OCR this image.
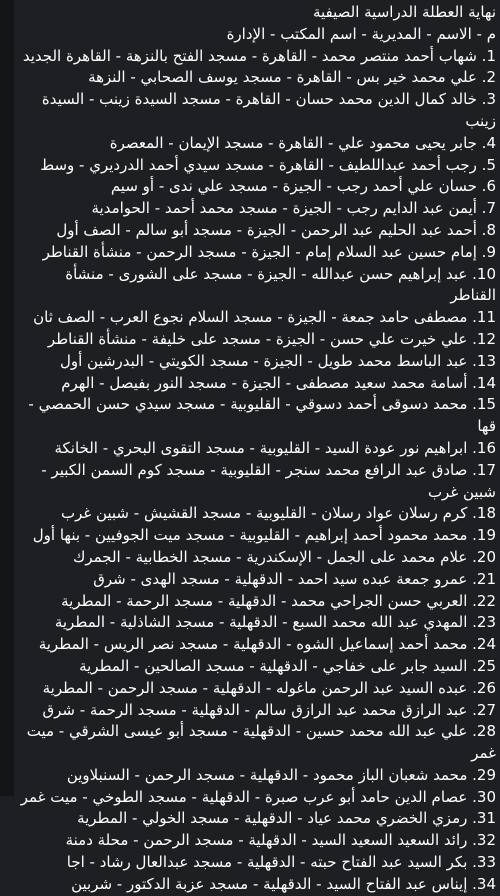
نهاية العطلة الدراسية الصيفية
م - الاسم - المديرية - اسم المكتب - الإدارة
1. شهاب أحمد منتصر محمد - القاهرة - مسجد الفتح بالنزهة - القاهرة الجديد
2. علي محمد خير بس - القاهرة - مسجد يوسف الصحابي - النزهة
3. خالد كمال الدين محمد حسان - القاهرة - مسجد السيدة زينب - السيدة زينب
4. جابر يحيى محمود علي - القاهرة - مسجد الإيمان - المعصرة
5. رجب أحمد عبداللطيف - القاهرة - مسجد سيدي أحمد الدرديري - وسط
6. حسان علي أحمد رجب - الجيزة - مسجد علي ندى - أو سيم
7. أيمن عبد الدايم رجب - الجيزة - مسجد محمد أحمد - الحوامدية
8. أحمد عبد الحليم عبد الرحمن - الجيزة - مسجد أبو سالم - الصف أول
9. إمام حسين عبد السلام إمام - الجيزة - مسجد الرحمن - منشأة القناطر
10. عبد إبراهيم حسن عبدالله - الجيزة - مسجد على الشورى - منشأة القناطر
11. مصطفى حامد جمعة - الجيزة - مسجد السلام نجوع العرب - الصف ثان
12. علي خيرت علي حسن - الجيزة - مسجد على خليفة - منشأة القناطر
13. عبد الباسط محمد طويل - الجيزة - مسجد الكويتي - البدرشين أول
14. أسامة محمد سعيد مصطفى - الجيزة - مسجد النور بفيصل - الهرم
15. محمد دسوقى أحمد دسوقي - القليوبية - مسجد سيدي حسن الحمصي - قها
16. ابراهيم نور عودة السيد - القليوبية - مسجد التقوى البحري - الخانكة
17. صادق عبد الرافع محمد سنجر - القليوبية - مسجد كوم السمن الكبير - شبين غرب
18. كرم رسلان عواد رسلان - القليوبية - مسجد القشيش - شبين غرب
19. محمد محمود أحمد إبراهيم - القليوبية - مسجد ميت الجوفيين - بنها أول
20. علام محمد على الجمل - الإسكندرية - مسجد الخطابية - الجمرك
21. عمرو جمعة عبده سيد احمد - الدقهلية - مسجد الهدى - شرق
22. العربي حسن الجراحي محمد - الدقهلية - مسجد الرحمة - المطرية
23. المهدي عبد الله محمد السبع - الدقهلية - مسجد الشاذلية - المطرية
24. محمد أحمد إسماعيل الشوه - الدقهلية - مسجد نصر الريس - المطرية
25. السيد جابر على خفاجي - الدقهلية - مسجد الصالحين - المطرية
26. عبده السيد عبد الرحمن ماغوله - الدقهلية - مسجد الرحمن - المطرية
27. عبد الرازق محمد عبد الرازق سالم - الدقهلية - مسجد الرحمة - شرق
28. علي عبد الله محمد حسين - الدقهلية - مسجد أبو عيسى الشرقي - ميت غمر
29. محمد شعبان الباز محمود - الدقهلية - مسجد الرحمن - السنبلاوين
30. عصام الدين حامد أبو عرب صبرة - الدقهلية - مسجد الطوخي - ميت غمر
31. رمزي الخضري محمد عياد - الدقهلية - مسجد الخولي - المطرية
32. رائد السعيد السعيد السيد - الدقهلية - مسجد الرحمن - محلة دمنة
33. بكر السيد عبد الفتاح حبته - الدقهلية - مسجد عبدالعال رشاد - اجا
34. إيناس عبد الفتاح السيد - الدقهلية - مسجد عزبة الدكتور - شربين
